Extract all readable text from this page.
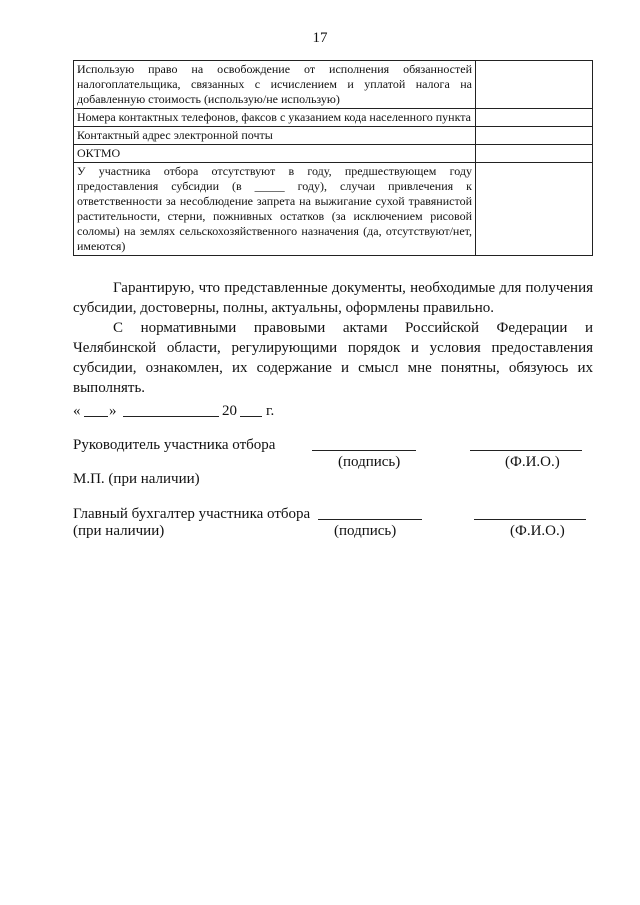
17
Использую право на освобождение от исполнения обязанностей налогоплательщика, связанных с исчислением и уплатой налога на добавленную стоимость (использую/не использую)	
Номера контактных телефонов, факсов с указанием кода населенного пункта	
Контактный адрес электронной почты	
ОКТМО	
У участника отбора отсутствуют в году, предшествующем году предоставления субсидии (в _____ году), случаи привлечения к ответственности за несоблюдение запрета на выжигание сухой травянистой растительности, стерни, пожнивных остатков (за исключением рисовой соломы) на землях сельскохозяйственного назначения (да, отсутствуют/нет, имеются)	

Гарантирую, что представленные документы, необходимые для получения субсидии, достоверны, полны, актуальны, оформлены правильно.

С нормативными правовыми актами Российской Федерации и Челябинской области, регулирующими порядок и условия предоставления субсидии, ознакомлен, их содержание и смысл мне понятны, обязуюсь их выполнять.

« »	20 г.
Руководитель участника отбора
(подпись)	(Ф.И.О.)
М.П. (при наличии)
Главный бухгалтер участника отбора
(при наличии)	(подпись)	(Ф.И.О.)
